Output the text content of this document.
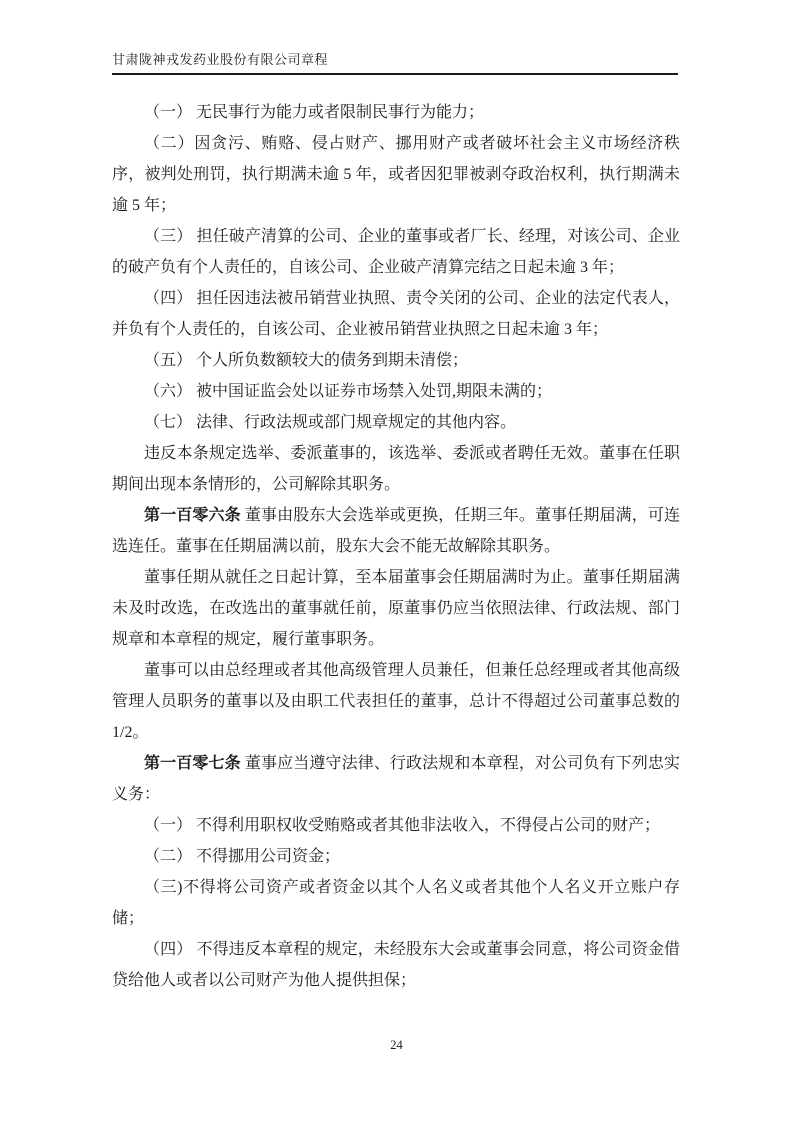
甘肃陇神戎发药业股份有限公司章程

（一） 无民事行为能力或者限制民事行为能力；

（二）因贪污、贿赂、侵占财产、挪用财产或者破坏社会主义市场经济秩序，被判处刑罚，执行期满未逾 5 年，或者因犯罪被剥夺政治权利，执行期满未逾 5 年；

（三） 担任破产清算的公司、企业的董事或者厂长、经理，对该公司、企业的破产负有个人责任的，自该公司、企业破产清算完结之日起未逾 3 年；

（四） 担任因违法被吊销营业执照、责令关闭的公司、企业的法定代表人，并负有个人责任的，自该公司、企业被吊销营业执照之日起未逾 3 年；

（五） 个人所负数额较大的债务到期未清偿；

（六） 被中国证监会处以证券市场禁入处罚,期限未满的；

（七） 法律、行政法规或部门规章规定的其他内容。

违反本条规定选举、委派董事的，该选举、委派或者聘任无效。董事在任职期间出现本条情形的，公司解除其职务。

第一百零六条 董事由股东大会选举或更换，任期三年。董事任期届满，可连选连任。董事在任期届满以前，股东大会不能无故解除其职务。

董事任期从就任之日起计算，至本届董事会任期届满时为止。董事任期届满未及时改选，在改选出的董事就任前，原董事仍应当依照法律、行政法规、部门规章和本章程的规定，履行董事职务。

董事可以由总经理或者其他高级管理人员兼任，但兼任总经理或者其他高级管理人员职务的董事以及由职工代表担任的董事，总计不得超过公司董事总数的 1/2。

第一百零七条 董事应当遵守法律、行政法规和本章程，对公司负有下列忠实义务：

（一） 不得利用职权收受贿赂或者其他非法收入，不得侵占公司的财产；

（二） 不得挪用公司资金；

（三)不得将公司资产或者资金以其个人名义或者其他个人名义开立账户存储；

（四） 不得违反本章程的规定，未经股东大会或董事会同意，将公司资金借贷给他人或者以公司财产为他人提供担保；

24
